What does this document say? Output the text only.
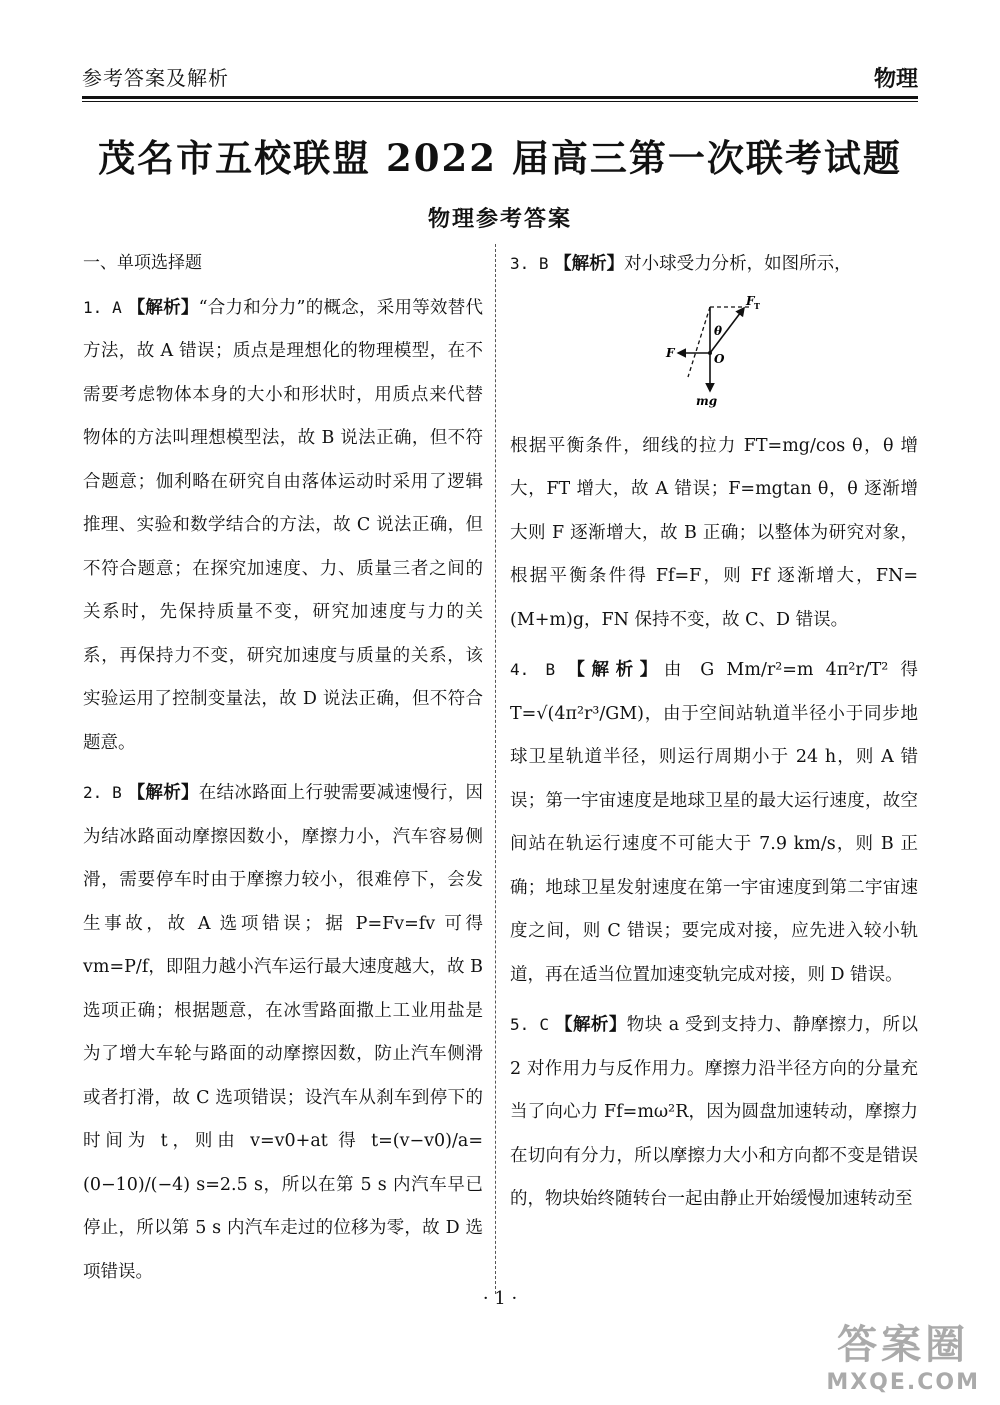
参考答案及解析	物理
茂名市五校联盟 2022 届高三第一次联考试题
物理参考答案

一、单项选择题

1. A 【解析】“合力和分力”的概念，采用等效替代方法，故 A 错误；质点是理想化的物理模型，在不需要考虑物体本身的大小和形状时，用质点来代替物体的方法叫理想模型法，故 B 说法正确，但不符合题意；伽利略在研究自由落体运动时采用了逻辑推理、实验和数学结合的方法，故 C 说法正确，但不符合题意；在探究加速度、力、质量三者之间的关系时，先保持质量不变，研究加速度与力的关系，再保持力不变，研究加速度与质量的关系，该实验运用了控制变量法，故 D 说法正确，但不符合题意。

2. B 【解析】在结冰路面上行驶需要减速慢行，因为结冰路面动摩擦因数小，摩擦力小，汽车容易侧滑，需要停车时由于摩擦力较小，很难停下，会发生事故，故 A 选项错误；据 P=Fv=fv 可得 vm=P/f，即阻力越小汽车运行最大速度越大，故 B 选项正确；根据题意，在冰雪路面撒上工业用盐是为了增大车轮与路面的动摩擦因数，防止汽车侧滑或者打滑，故 C 选项错误；设汽车从刹车到停下的时间为 t，则由 v=v0+at 得 t=(v−v0)/a=(0−10)/(−4) s=2.5 s，所以在第 5 s 内汽车早已停止，所以第 5 s 内汽车走过的位移为零，故 D 选项错误。

3. B 【解析】对小球受力分析，如图所示，

F T
θ
F	O
mg

根据平衡条件，细线的拉力 FT=mg/cos θ，θ 增大，FT 增大，故 A 错误；F=mgtan θ，θ 逐渐增大则 F 逐渐增大，故 B 正确；以整体为研究对象，根据平衡条件得 Ff=F，则 Ff 逐渐增大，FN=(M+m)g，FN 保持不变，故 C、D 错误。

4. B 【解析】由 G Mm/r²=m 4π²r/T² 得 T=√(4π²r³/GM)，由于空间站轨道半径小于同步地球卫星轨道半径，则运行周期小于 24 h，则 A 错误；第一宇宙速度是地球卫星的最大运行速度，故空间站在轨运行速度不可能大于 7.9 km/s，则 B 正确；地球卫星发射速度在第一宇宙速度到第二宇宙速度之间，则 C 错误；要完成对接，应先进入较小轨道，再在适当位置加速变轨完成对接，则 D 错误。

5. C 【解析】物块 a 受到支持力、静摩擦力，所以 2 对作用力与反作用力。摩擦力沿半径方向的分量充当了向心力 Ff=mω²R，因为圆盘加速转动，摩擦力在切向有分力，所以摩擦力大小和方向都不变是错误的，物块始终随转台一起由静止开始缓慢加速转动至

· 1 ·
答案圈
MXQE.COM
